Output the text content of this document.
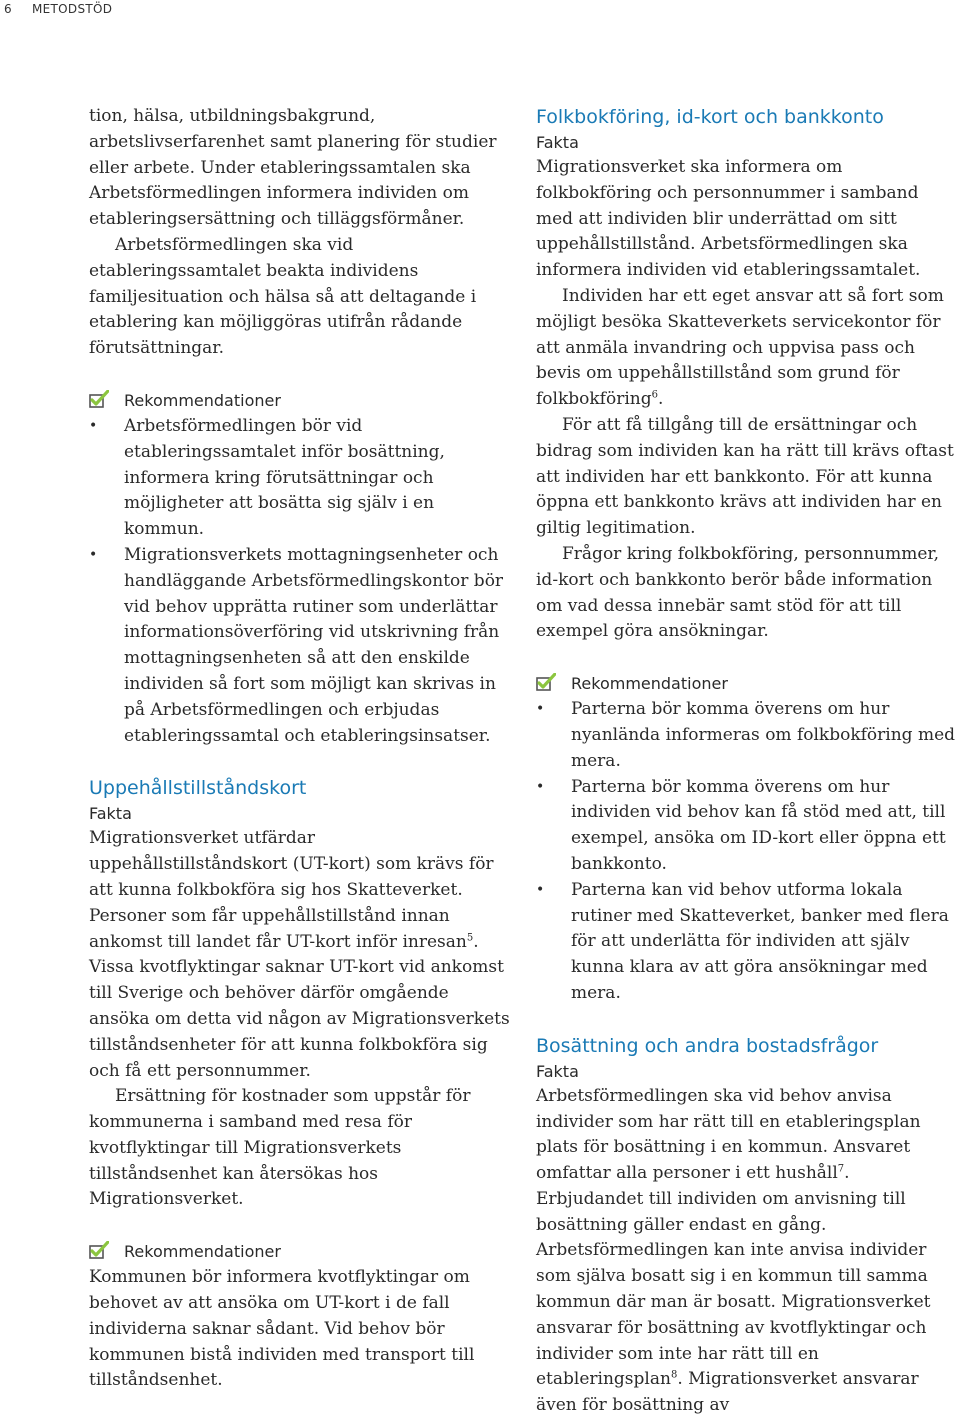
6 METODSTÖD

tion, hälsa, utbildningsbakgrund, arbetslivserfarenhet samt planering för studier eller arbete. Under etableringssamtalen ska Arbetsförmedlingen informera individen om etableringsersättning och tilläggsförmåner.

Arbetsförmedlingen ska vid etableringssamtalet beakta individens familjesituation och hälsa så att deltagande i etablering kan möjliggöras utifrån rådande förutsättningar.

Rekommendationer
• Arbetsförmedlingen bör vid etableringssamtalet inför bosättning, informera kring förutsättningar och möjligheter att bosätta sig själv i en kommun.
• Migrationsverkets mottagningsenheter och handläggande Arbetsförmedlingskontor bör vid behov upprätta rutiner som underlättar informationsöverföring vid utskrivning från mottagningsenheten så att den enskilde individen så fort som möjligt kan skrivas in på Arbetsförmedlingen och erbjudas etableringssamtal och etableringsinsatser.
Uppehållstillståndskort
Fakta

Migrationsverket utfärdar uppehållstillståndskort (UT-kort) som krävs för att kunna folkbokföra sig hos Skatteverket. Personer som får uppehållstillstånd innan ankomst till landet får UT-kort inför inresan$^5$. Vissa kvotflyktingar saknar UT-kort vid ankomst till Sverige och behöver därför omgående ansöka om detta vid någon av Migrationsverkets tillståndsenheter för att kunna folkbokföra sig och få ett personnummer.

Ersättning för kostnader som uppstår för kommunerna i samband med resa för kvotflyktingar till Migrationsverkets tillståndsenhet kan återsökas hos Migrationsverket.

Rekommendationer

Kommunen bör informera kvotflyktingar om behovet av att ansöka om UT-kort i de fall individerna saknar sådant. Vid behov bör kommunen bistå individen med transport till tillståndsenhet.

Folkbokföring, id-kort och bankkonto
Fakta

Migrationsverket ska informera om folkbokföring och personnummer i samband med att individen blir underrättad om sitt uppehållstillstånd. Arbetsförmedlingen ska informera individen vid etableringssamtalet.

Individen har ett eget ansvar att så fort som möjligt besöka Skatteverkets servicekontor för att anmäla invandring och uppvisa pass och bevis om uppehållstillstånd som grund för folkbokföring$^6$.

För att få tillgång till de ersättningar och bidrag som individen kan ha rätt till krävs oftast att individen har ett bankkonto. För att kunna öppna ett bankkonto krävs att individen har en giltig legitimation.

Frågor kring folkbokföring, personnummer, id-kort och bankkonto berör både information om vad dessa innebär samt stöd för att till exempel göra ansökningar.

Rekommendationer
• Parterna bör komma överens om hur nyanlända informeras om folkbokföring med mera.
• Parterna bör komma överens om hur individen vid behov kan få stöd med att, till exempel, ansöka om ID-kort eller öppna ett bankkonto.
• Parterna kan vid behov utforma lokala rutiner med Skatteverket, banker med flera för att underlätta för individen att själv kunna klara av att göra ansökningar med mera.
Bosättning och andra bostadsfrågor
Fakta

Arbetsförmedlingen ska vid behov anvisa individer som har rätt till en etableringsplan plats för bosättning i en kommun. Ansvaret omfattar alla personer i ett hushåll$^7$. Erbjudandet till individen om anvisning till bosättning gäller endast en gång. Arbetsförmedlingen kan inte anvisa individer som själva bosatt sig i en kommun till samma kommun där man är bosatt. Migrationsverket ansvarar för bosättning av kvotflyktingar och individer som inte har rätt till en etableringsplan$^8$. Migrationsverket ansvarar även för bosättning av
